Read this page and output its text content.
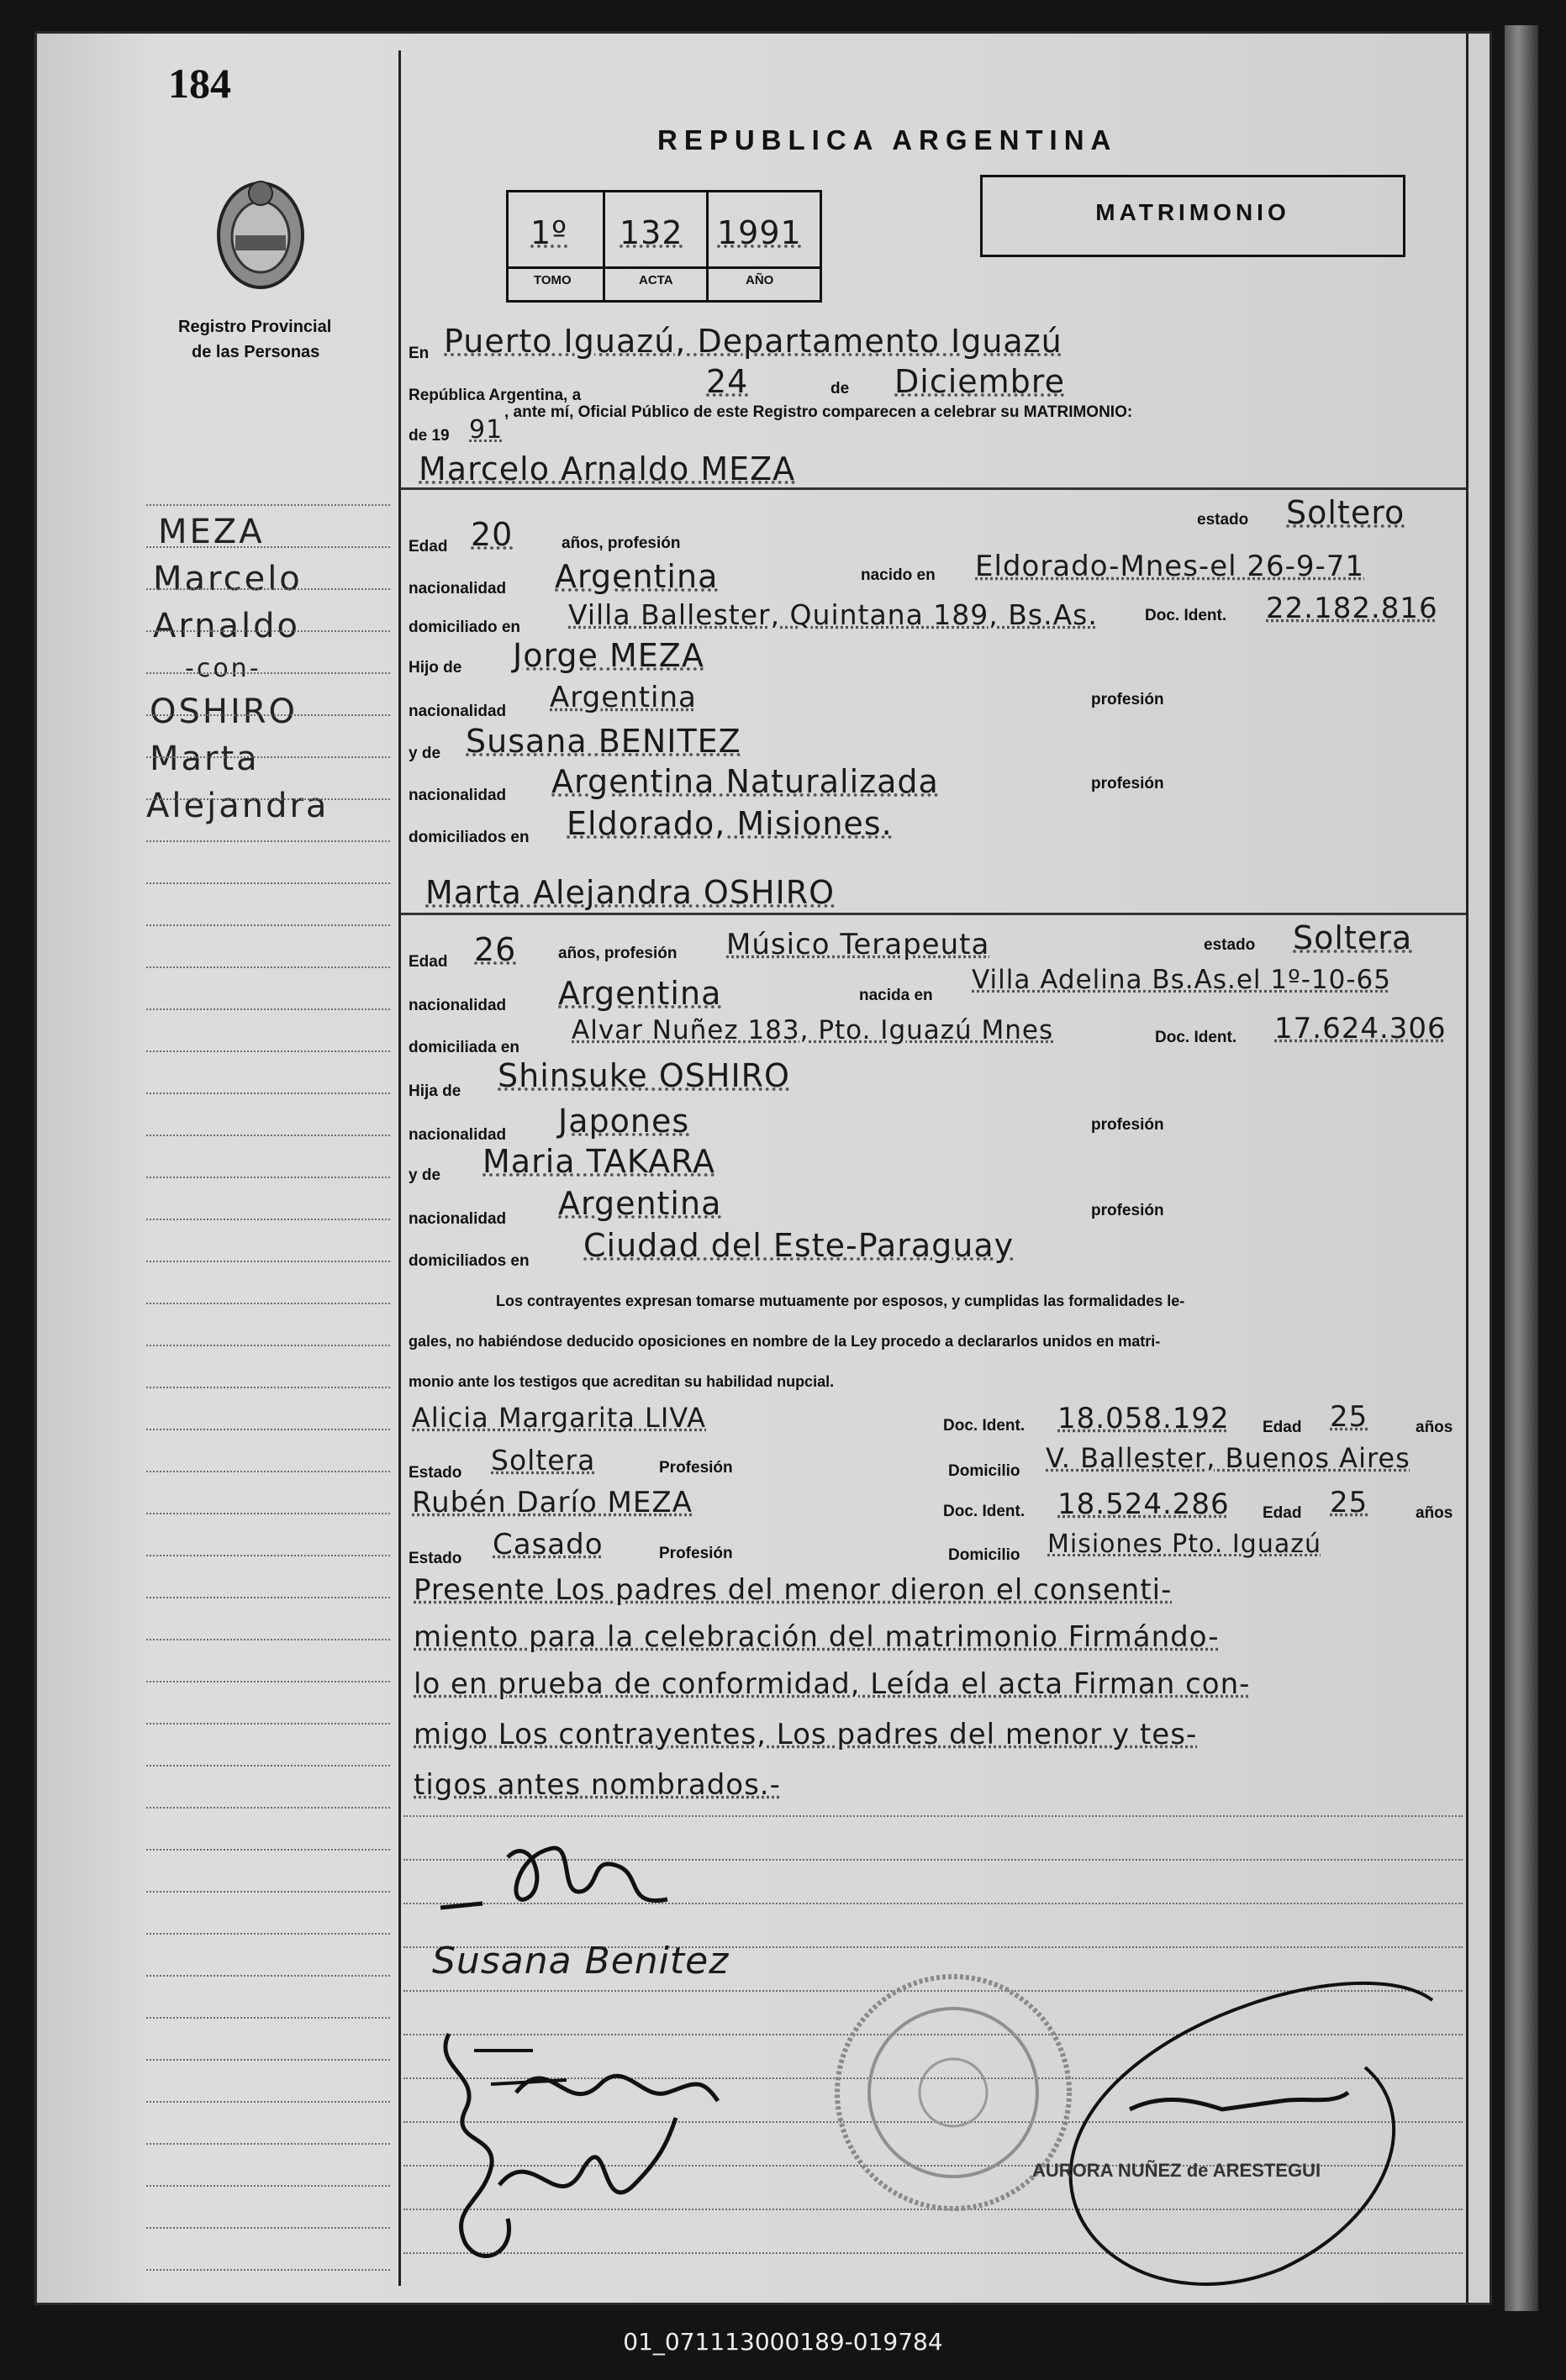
184
Registro Provincial
de las Personas
REPUBLICA ARGENTINA
MATRIMONIO
1º 132 1991
TOMO	ACTA	AÑO
En Puerto Iguazú, Departamento Iguazú
República Argentina, a	24	de Diciembre
de 19 91
, ante mí, Oficial Público de este Registro comparecen a celebrar su MATRIMONIO:
Marcelo Arnaldo MEZA
MEZA
Marcelo
Arnaldo
-con-
OSHIRO
Marta
Alejandra
Edad 20	años, profesión
estado Soltero
nacionalidad Argentina	nacido en Eldorado-Mnes-el 26-9-71
domiciliado en Villa Ballester, Quintana 189, Bs.As.	Doc. Ident. 22.182.816
Hijo de Jorge MEZA
nacionalidad Argentina	profesión
y de Susana BENITEZ
nacionalidad Argentina Naturalizada	profesión
domiciliados en Eldorado, Misiones.
Marta Alejandra OSHIRO
Edad 26	años, profesión Músico Terapeuta	estado Soltera
nacionalidad Argentina	nacida en
Villa Adelina Bs.As.el 1º-10-65
domiciliada en
Alvar Nuñez 183, Pto. Iguazú Mnes	Doc. Ident. 17.624.306
Hija de Shinsuke OSHIRO
nacionalidad Japones	profesión
y de Maria TAKARA
nacionalidad Argentina	profesión
domiciliados en Ciudad del Este-Paraguay
Los contrayentes expresan tomarse mutuamente por esposos, y cumplidas las formalidades le-
gales, no habiéndose deducido oposiciones en nombre de la Ley procedo a declararlos unidos en matri-
monio ante los testigos que acreditan su habilidad nupcial.
Alicia Margarita LIVA	Doc. Ident. 18.058.192 Edad 25	años
Estado Soltera	Profesión	Domicilio V. Ballester, Buenos Aires
Rubén Darío MEZA	Doc. Ident. 18.524.286 Edad 25	años
Estado Casado	Profesión	Domicilio Misiones Pto. Iguazú
Presente Los padres del menor dieron el consenti-
miento para la celebración del matrimonio Firmándo-
lo en prueba de conformidad, Leída el acta Firman con-
migo Los contrayentes, Los padres del menor y tes-
tigos antes nombrados.-
Susana Benitez
AURORA NUÑEZ de ARESTEGUI
01_071113000189-019784
